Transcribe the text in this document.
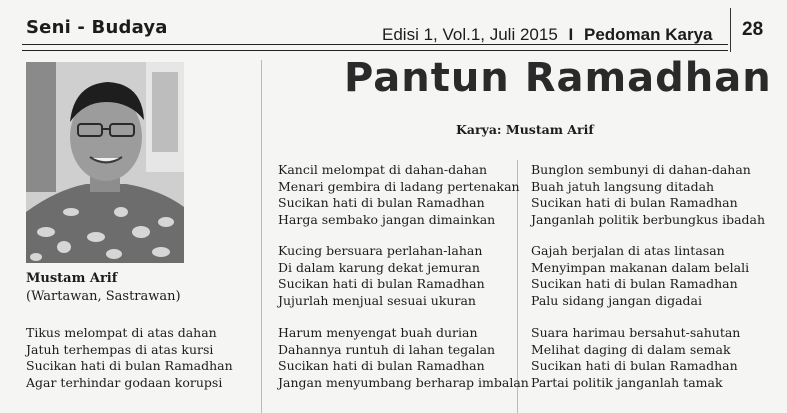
Seni - Budaya	Edisi 1, Vol.1, Juli 2015 I Pedoman Karya 28
Mustam Arif
(Wartawan, Sastrawan)
Pantun Ramadhan
Karya: Mustam Arif
Tikus melompat di atas dahan
Jatuh terhempas di atas kursi
Sucikan hati di bulan Ramadhan
Agar terhindar godaan korupsi
Kancil melompat di dahan-dahan
Menari gembira di ladang pertenakan
Sucikan hati di bulan Ramadhan
Harga sembako jangan dimainkan
Kucing bersuara perlahan-lahan
Di dalam karung dekat jemuran
Sucikan hati di bulan Ramadhan
Jujurlah menjual sesuai ukuran
Harum menyengat buah durian
Dahannya runtuh di lahan tegalan
Sucikan hati di bulan Ramadhan
Jangan menyumbang berharap imbalan
Bunglon sembunyi di dahan-dahan
Buah jatuh langsung ditadah
Sucikan hati di bulan Ramadhan
Janganlah politik berbungkus ibadah
Gajah berjalan di atas lintasan
Menyimpan makanan dalam belali
Sucikan hati di bulan Ramadhan
Palu sidang jangan digadai
Suara harimau bersahut-sahutan
Melihat daging di dalam semak
Sucikan hati di bulan Ramadhan
Partai politik janganlah tamak
